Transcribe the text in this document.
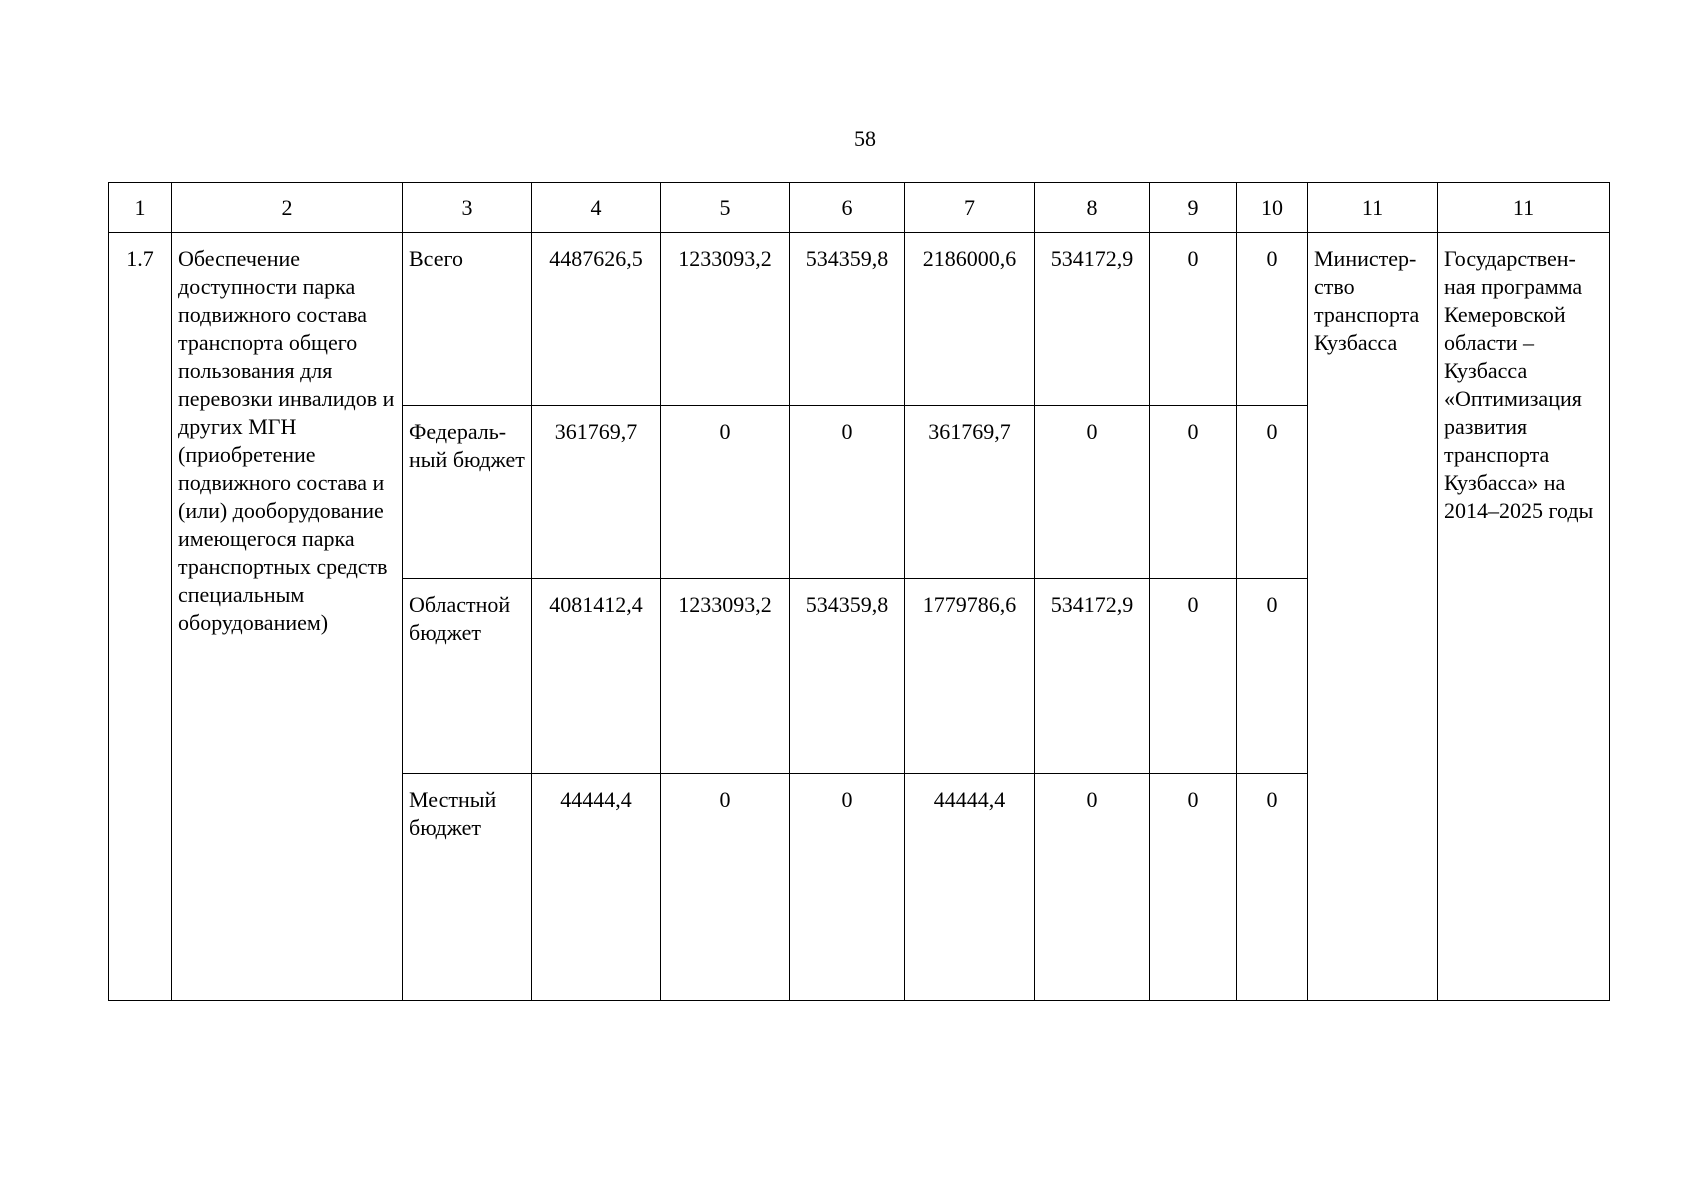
58
1	2	3	4	5	6	7	8	9	10	11	11
1.7	Обеспечение доступности парка подвижного состава транспорта общего пользования для перевозки инвалидов и других МГН (приобретение подвижного состава и (или) дооборудование имеющегося парка транспортных средств специальным оборудованием)	Всего	4487626,5	1233093,2	534359,8	2186000,6	534172,9	0	0	Министер-ство транспорта Кузбасса	Государствен-ная программа Кемеровской области – Кузбасса «Оптимизация развития транспорта Кузбасса» на 2014–2025 годы
		Федераль-ный бюджет	361769,7	0	0	361769,7	0	0	0		
		Областной бюджет	4081412,4	1233093,2	534359,8	1779786,6	534172,9	0	0		
		Местный бюджет	44444,4	0	0	44444,4	0	0	0		
